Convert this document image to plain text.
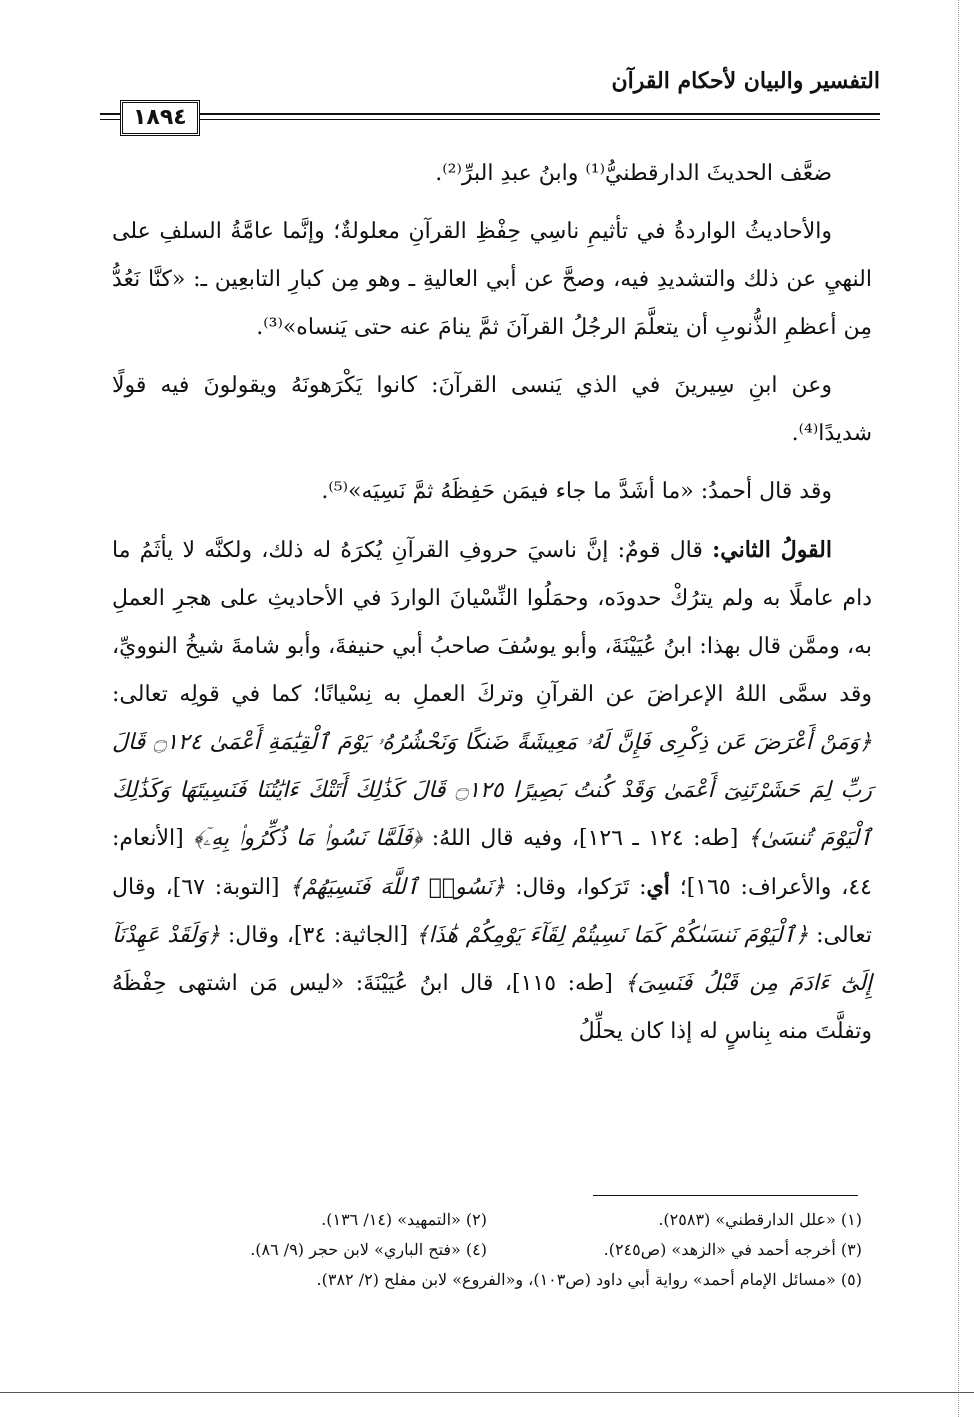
التفسير والبيان لأحكام القرآن
١٨٩٤

ضعَّف الحديثَ الدارقطنيُّ⁽¹⁾ وابنُ عبدِ البرِّ⁽²⁾.

والأحاديثُ الواردةُ في تأثيمِ ناسِي حِفْظِ القرآنِ معلولةٌ؛ وإنَّما عامَّةُ السلفِ على النهيِ عن ذلك والتشديدِ فيه، وصحَّ عن أبي العاليةِ ـ وهو مِن كبارِ التابعِين ـ: «كنَّا نَعُدُّ مِن أعظمِ الذُّنوبِ أن يتعلَّمَ الرجُلُ القرآنَ ثمَّ ينامَ عنه حتى يَنساه»⁽³⁾.

وعن ابنِ سِيرينَ في الذي يَنسى القرآنَ: كانوا يَكْرَهونَهُ ويقولونَ فيه قولًا شديدًا⁽⁴⁾.

وقد قال أحمدُ: «ما أشَدَّ ما جاء فيمَن حَفِظَهُ ثمَّ نَسِيَه»⁽⁵⁾.

القولُ الثاني: قال قومٌ: إنَّ ناسيَ حروفِ القرآنِ يُكرَهُ له ذلك، ولكنَّه لا يأثَمُ ما دام عاملًا به ولم يترُكْ حدودَه، وحمَلُوا النِّسْيانَ الواردَ في الأحاديثِ على هجرِ العملِ به، وممَّن قال بهذا: ابنُ عُيَيْنَةَ، وأبو يوسُفَ صاحبُ أبي حنيفةَ، وأبو شامةَ شيخُ النوويِّ، وقد سمَّى اللهُ الإعراضَ عن القرآنِ وتركَ العملِ به نِسْيانًا؛ كما في قولِه تعالى: ﴿وَمَنْ أَعْرَضَ عَن ذِكْرِى فَإِنَّ لَهُۥ مَعِيشَةً ضَنكًا وَنَحْشُرُهُۥ يَوْمَ ٱلْقِيَٰمَةِ أَعْمَىٰ ۝١٢٤ قَالَ رَبِّ لِمَ حَشَرْتَنِىٓ أَعْمَىٰ وَقَدْ كُنتُ بَصِيرًا ۝١٢٥ قَالَ كَذَٰلِكَ أَتَتْكَ ءَايَٰتُنَا فَنَسِيتَهَا وَكَذَٰلِكَ ٱلْيَوْمَ تُنسَىٰ﴾ [طه: ١٢٤ ـ ١٢٦]، وفيه قال اللهُ: ﴿فَلَمَّا نَسُوا۟ مَا ذُكِّرُوا۟ بِهِۦٓ﴾ [الأنعام: ٤٤، والأعراف: ١٦٥]؛ أي: تَرَكوا، وقال: ﴿نَسُوا۟ ٱللَّهَ فَنَسِيَهُمْ﴾ [التوبة: ٦٧]، وقال تعالى: ﴿ٱلْيَوْمَ نَنسَىٰكُمْ كَمَا نَسِيتُمْ لِقَآءَ يَوْمِكُمْ هَٰذَا﴾ [الجاثية: ٣٤]، وقال: ﴿وَلَقَدْ عَهِدْنَآ إِلَىٰٓ ءَادَمَ مِن قَبْلُ فَنَسِىَ﴾ [طه: ١١٥]، قال ابنُ عُيَيْنَةَ: «ليس مَن اشتهى حِفْظَهُ وتفلَّتَ منه بِناسٍ له إذا كان يحلِّلُ

(١) «علل الدارقطني» (٢٥٨٣).
(٢) «التمهيد» (١٤/ ١٣٦).
(٣) أخرجه أحمد في «الزهد» (ص٢٤٥).
(٤) «فتح الباري» لابن حجر (٩/ ٨٦).
(٥) «مسائل الإمام أحمد» رواية أبي داود (ص١٠٣)، و«الفروع» لابن مفلح (٢/ ٣٨٢).
